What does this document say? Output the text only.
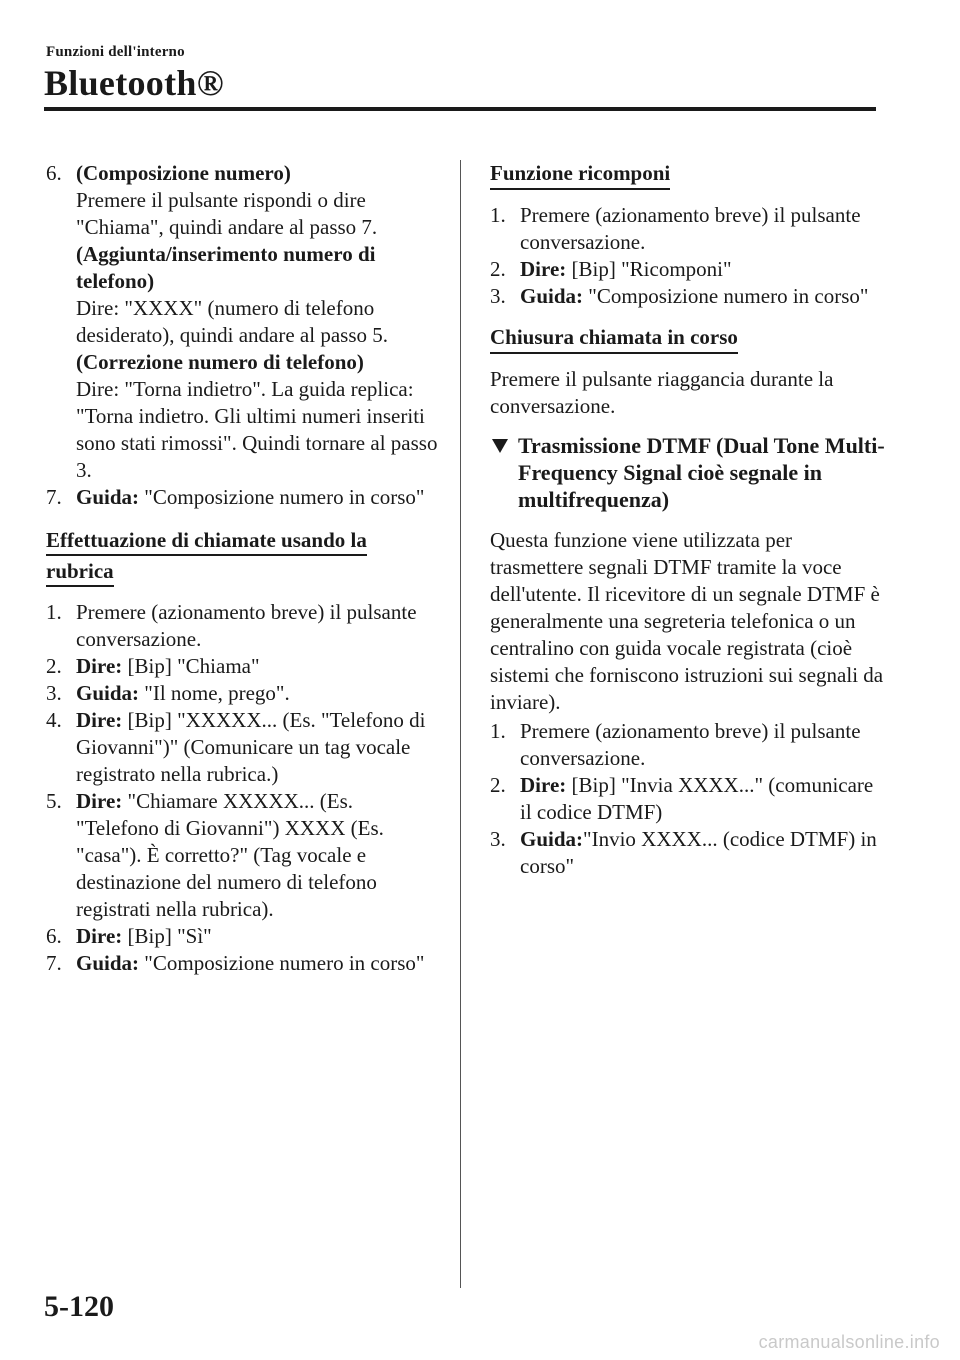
Funzioni dell'interno
Bluetooth®
6. (Composizione numero)

Premere il pulsante rispondi o dire "Chiama", quindi andare al passo 7.

(Aggiunta/inserimento numero di telefono)

Dire: "XXXX" (numero di telefono desiderato), quindi andare al passo 5.

(Correzione numero di telefono)

Dire: "Torna indietro". La guida replica: "Torna indietro. Gli ultimi numeri inseriti sono stati rimossi". Quindi tornare al passo 3.

7. Guida: "Composizione numero in corso"

Effettuazione di chiamate usando la rubrica
1. Premere (azionamento breve) il pulsante conversazione.

2. Dire: [Bip] "Chiama"

3. Guida: "Il nome, prego".

4. Dire: [Bip] "XXXXX... (Es. "Telefono di Giovanni")" (Comunicare un tag vocale registrato nella rubrica.)

5. Dire: "Chiamare XXXXX... (Es. "Telefono di Giovanni") XXXX (Es. "casa"). È corretto?" (Tag vocale e destinazione del numero di telefono registrati nella rubrica).

6. Dire: [Bip] "Sì"

7. Guida: "Composizione numero in corso"

Funzione ricomponi
1. Premere (azionamento breve) il pulsante conversazione.

2. Dire: [Bip] "Ricomponi"

3. Guida: "Composizione numero in corso"

Chiusura chiamata in corso

Premere il pulsante riaggancia durante la conversazione.

Trasmissione DTMF (Dual Tone Multi-Frequency Signal cioè segnale in multifrequenza)

Questa funzione viene utilizzata per trasmettere segnali DTMF tramite la voce dell'utente. Il ricevitore di un segnale DTMF è generalmente una segreteria telefonica o un centralino con guida vocale registrata (cioè sistemi che forniscono istruzioni sui segnali da inviare).

1. Premere (azionamento breve) il pulsante conversazione.

2. Dire: [Bip] "Invia XXXX..." (comunicare il codice DTMF)

3. Guida:"Invio XXXX... (codice DTMF) in corso"

5-120
carmanualsonline.info
